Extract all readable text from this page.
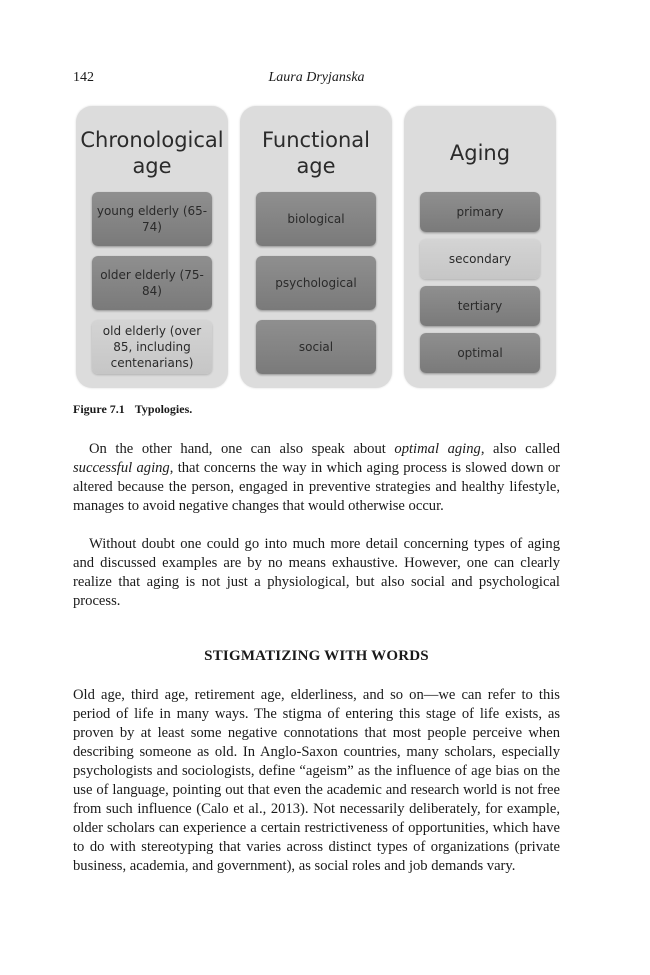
142	Laura Dryjanska
Chronological age
young elderly (65-74)
older elderly (75-84)
old elderly (over 85, including centenarians)
Functional age
biological
psychological
social
Aging
primary
secondary
tertiary
optimal
Figure 7.1 Typologies.

On the other hand, one can also speak about optimal aging, also called successful aging, that concerns the way in which aging process is slowed down or altered because the person, engaged in preventive strategies and healthy lifestyle, manages to avoid negative changes that would otherwise occur.

Without doubt one could go into much more detail concerning types of aging and discussed examples are by no means exhaustive. However, one can clearly realize that aging is not just a physiological, but also social and psychological process.

STIGMATIZING WITH WORDS

Old age, third age, retirement age, elderliness, and so on—we can refer to this period of life in many ways. The stigma of entering this stage of life exists, as proven by at least some negative connotations that most people perceive when describing someone as old. In Anglo-Saxon countries, many scholars, especially psychologists and sociologists, define “ageism” as the influence of age bias on the use of language, pointing out that even the academic and research world is not free from such influence (Calo et al., 2013). Not necessarily deliberately, for example, older scholars can experience a certain restrictiveness of opportunities, which have to do with stereotyping that varies across distinct types of organizations (private business, academia, and government), as social roles and job demands vary.
